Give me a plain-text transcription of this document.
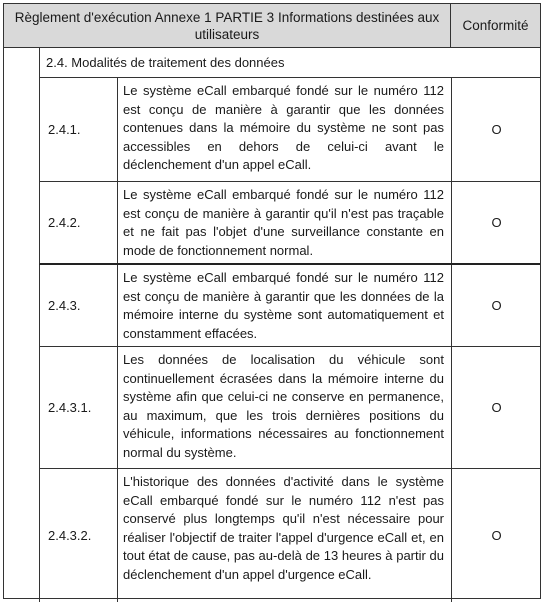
Règlement d'exécution Annexe 1 PARTIE 3 Informations destinées aux utilisateurs
Conformité
2.4. Modalités de traitement des données
2.4.1.
Le système eCall embarqué fondé sur le numéro 112 est conçu de manière à garantir que les données contenues dans la mémoire du système ne sont pas accessibles en dehors de celui-ci avant le déclenchement d'un appel eCall.
O
2.4.2.
Le système eCall embarqué fondé sur le numéro 112 est conçu de manière à garantir qu'il n'est pas traçable et ne fait pas l'objet d'une surveillance constante en mode de fonctionnement normal.
O
2.4.3.
Le système eCall embarqué fondé sur le numéro 112 est conçu de manière à garantir que les données de la mémoire interne du système sont automatiquement et constamment effacées.
O
2.4.3.1.
Les données de localisation du véhicule sont continuellement écrasées dans la mémoire interne du système afin que celui-ci ne conserve en permanence, au maximum, que les trois dernières positions du véhicule, informations nécessaires au fonctionnement normal du système.
O
2.4.3.2.
L'historique des données d'activité dans le système eCall embarqué fondé sur le numéro 112 n'est pas conservé plus longtemps qu'il n'est nécessaire pour réaliser l'objectif de traiter l'appel d'urgence eCall et, en tout état de cause, pas au-delà de 13 heures à partir du déclenchement d'un appel d'urgence eCall.
O
